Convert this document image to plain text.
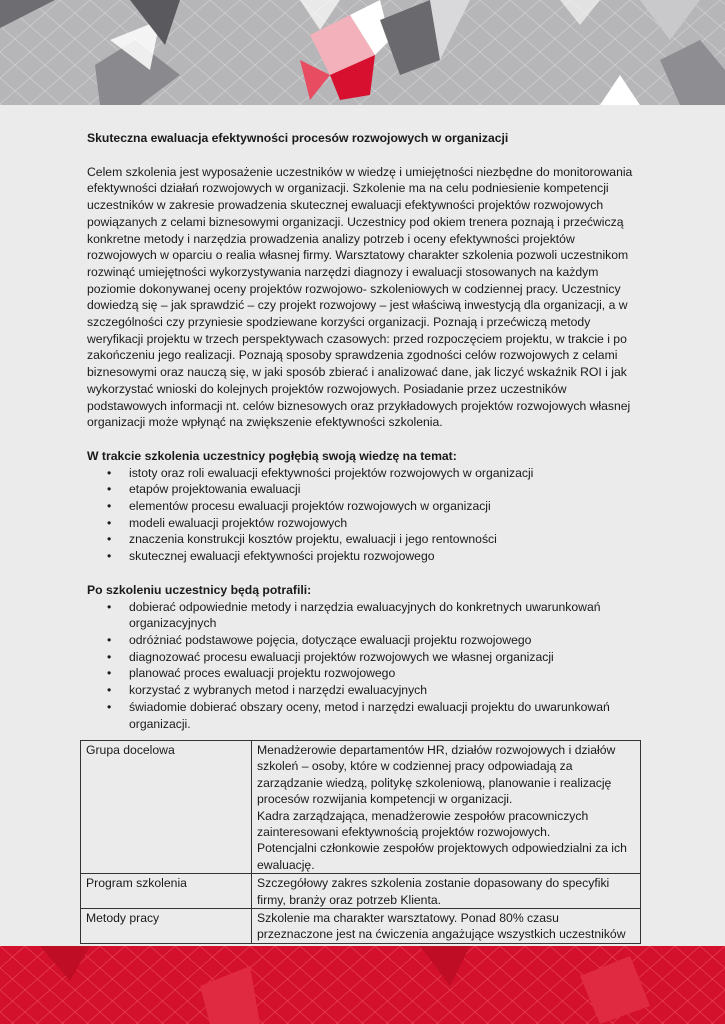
Skuteczna ewaluacja efektywności procesów rozwojowych w organizacji

Celem szkolenia jest wyposażenie uczestników w wiedzę i umiejętności niezbędne do monitorowania efektywności działań rozwojowych w organizacji. Szkolenie ma na celu podniesienie kompetencji uczestników w zakresie prowadzenia skutecznej ewaluacji efektywności projektów rozwojowych powiązanych z celami biznesowymi organizacji. Uczestnicy pod okiem trenera poznają i przećwiczą konkretne metody i narzędzia prowadzenia analizy potrzeb i oceny efektywności projektów rozwojowych w oparciu o realia własnej firmy. Warsztatowy charakter szkolenia pozwoli uczestnikom rozwinąć umiejętności wykorzystywania narzędzi diagnozy i ewaluacji stosowanych na każdym poziomie dokonywanej oceny projektów rozwojowo- szkoleniowych w codziennej pracy. Uczestnicy dowiedzą się – jak sprawdzić – czy projekt rozwojowy – jest właściwą inwestycją dla organizacji, a w szczególności czy przyniesie spodziewane korzyści organizacji. Poznają i przećwiczą metody weryfikacji projektu w trzech perspektywach czasowych: przed rozpoczęciem projektu, w trakcie i po zakończeniu jego realizacji. Poznają sposoby sprawdzenia zgodności celów rozwojowych z celami biznesowymi oraz nauczą się, w jaki sposób zbierać i analizować dane, jak liczyć wskaźnik ROI i jak wykorzystać wnioski do kolejnych projektów rozwojowych. Posiadanie przez uczestników podstawowych informacji nt. celów biznesowych oraz przykładowych projektów rozwojowych własnej organizacji może wpłynąć na zwiększenie efektywności szkolenia.

W trakcie szkolenia uczestnicy pogłębią swoją wiedzę na temat:

• istoty oraz roli ewaluacji efektywności projektów rozwojowych w organizacji
• etapów projektowania ewaluacji
• elementów procesu ewaluacji projektów rozwojowych w organizacji
• modeli ewaluacji projektów rozwojowych
• znaczenia konstrukcji kosztów projektu, ewaluacji i jego rentowności
• skutecznej ewaluacji efektywności projektu rozwojowego

Po szkoleniu uczestnicy będą potrafili:

• dobierać odpowiednie metody i narzędzia ewaluacyjnych do konkretnych uwarunkowań organizacyjnych
• odróżniać podstawowe pojęcia, dotyczące ewaluacji projektu rozwojowego
• diagnozować procesu ewaluacji projektów rozwojowych we własnej organizacji
• planować proces ewaluacji projektu rozwojowego
• korzystać z wybranych metod i narzędzi ewaluacyjnych
• świadomie dobierać obszary oceny, metod i narzędzi ewaluacji projektu do uwarunkowań organizacji.
Grupa docelowa	Menadżerowie departamentów HR, działów rozwojowych i działów szkoleń – osoby, które w codziennej pracy odpowiadają za zarządzanie wiedzą, politykę szkoleniową, planowanie i realizację procesów rozwijania kompetencji w organizacji.
Kadra zarządzająca, menadżerowie zespołów pracowniczych zainteresowani efektywnością projektów rozwojowych.
Potencjalni członkowie zespołów projektowych odpowiedzialni za ich ewaluację.

Program szkolenia	Szczegółowy zakres szkolenia zostanie dopasowany do specyfiki firmy, branży oraz potrzeb Klienta.
Metody pracy	Szkolenie ma charakter warsztatowy. Ponad 80% czasu przeznaczone jest na ćwiczenia angażujące wszystkich uczestników
